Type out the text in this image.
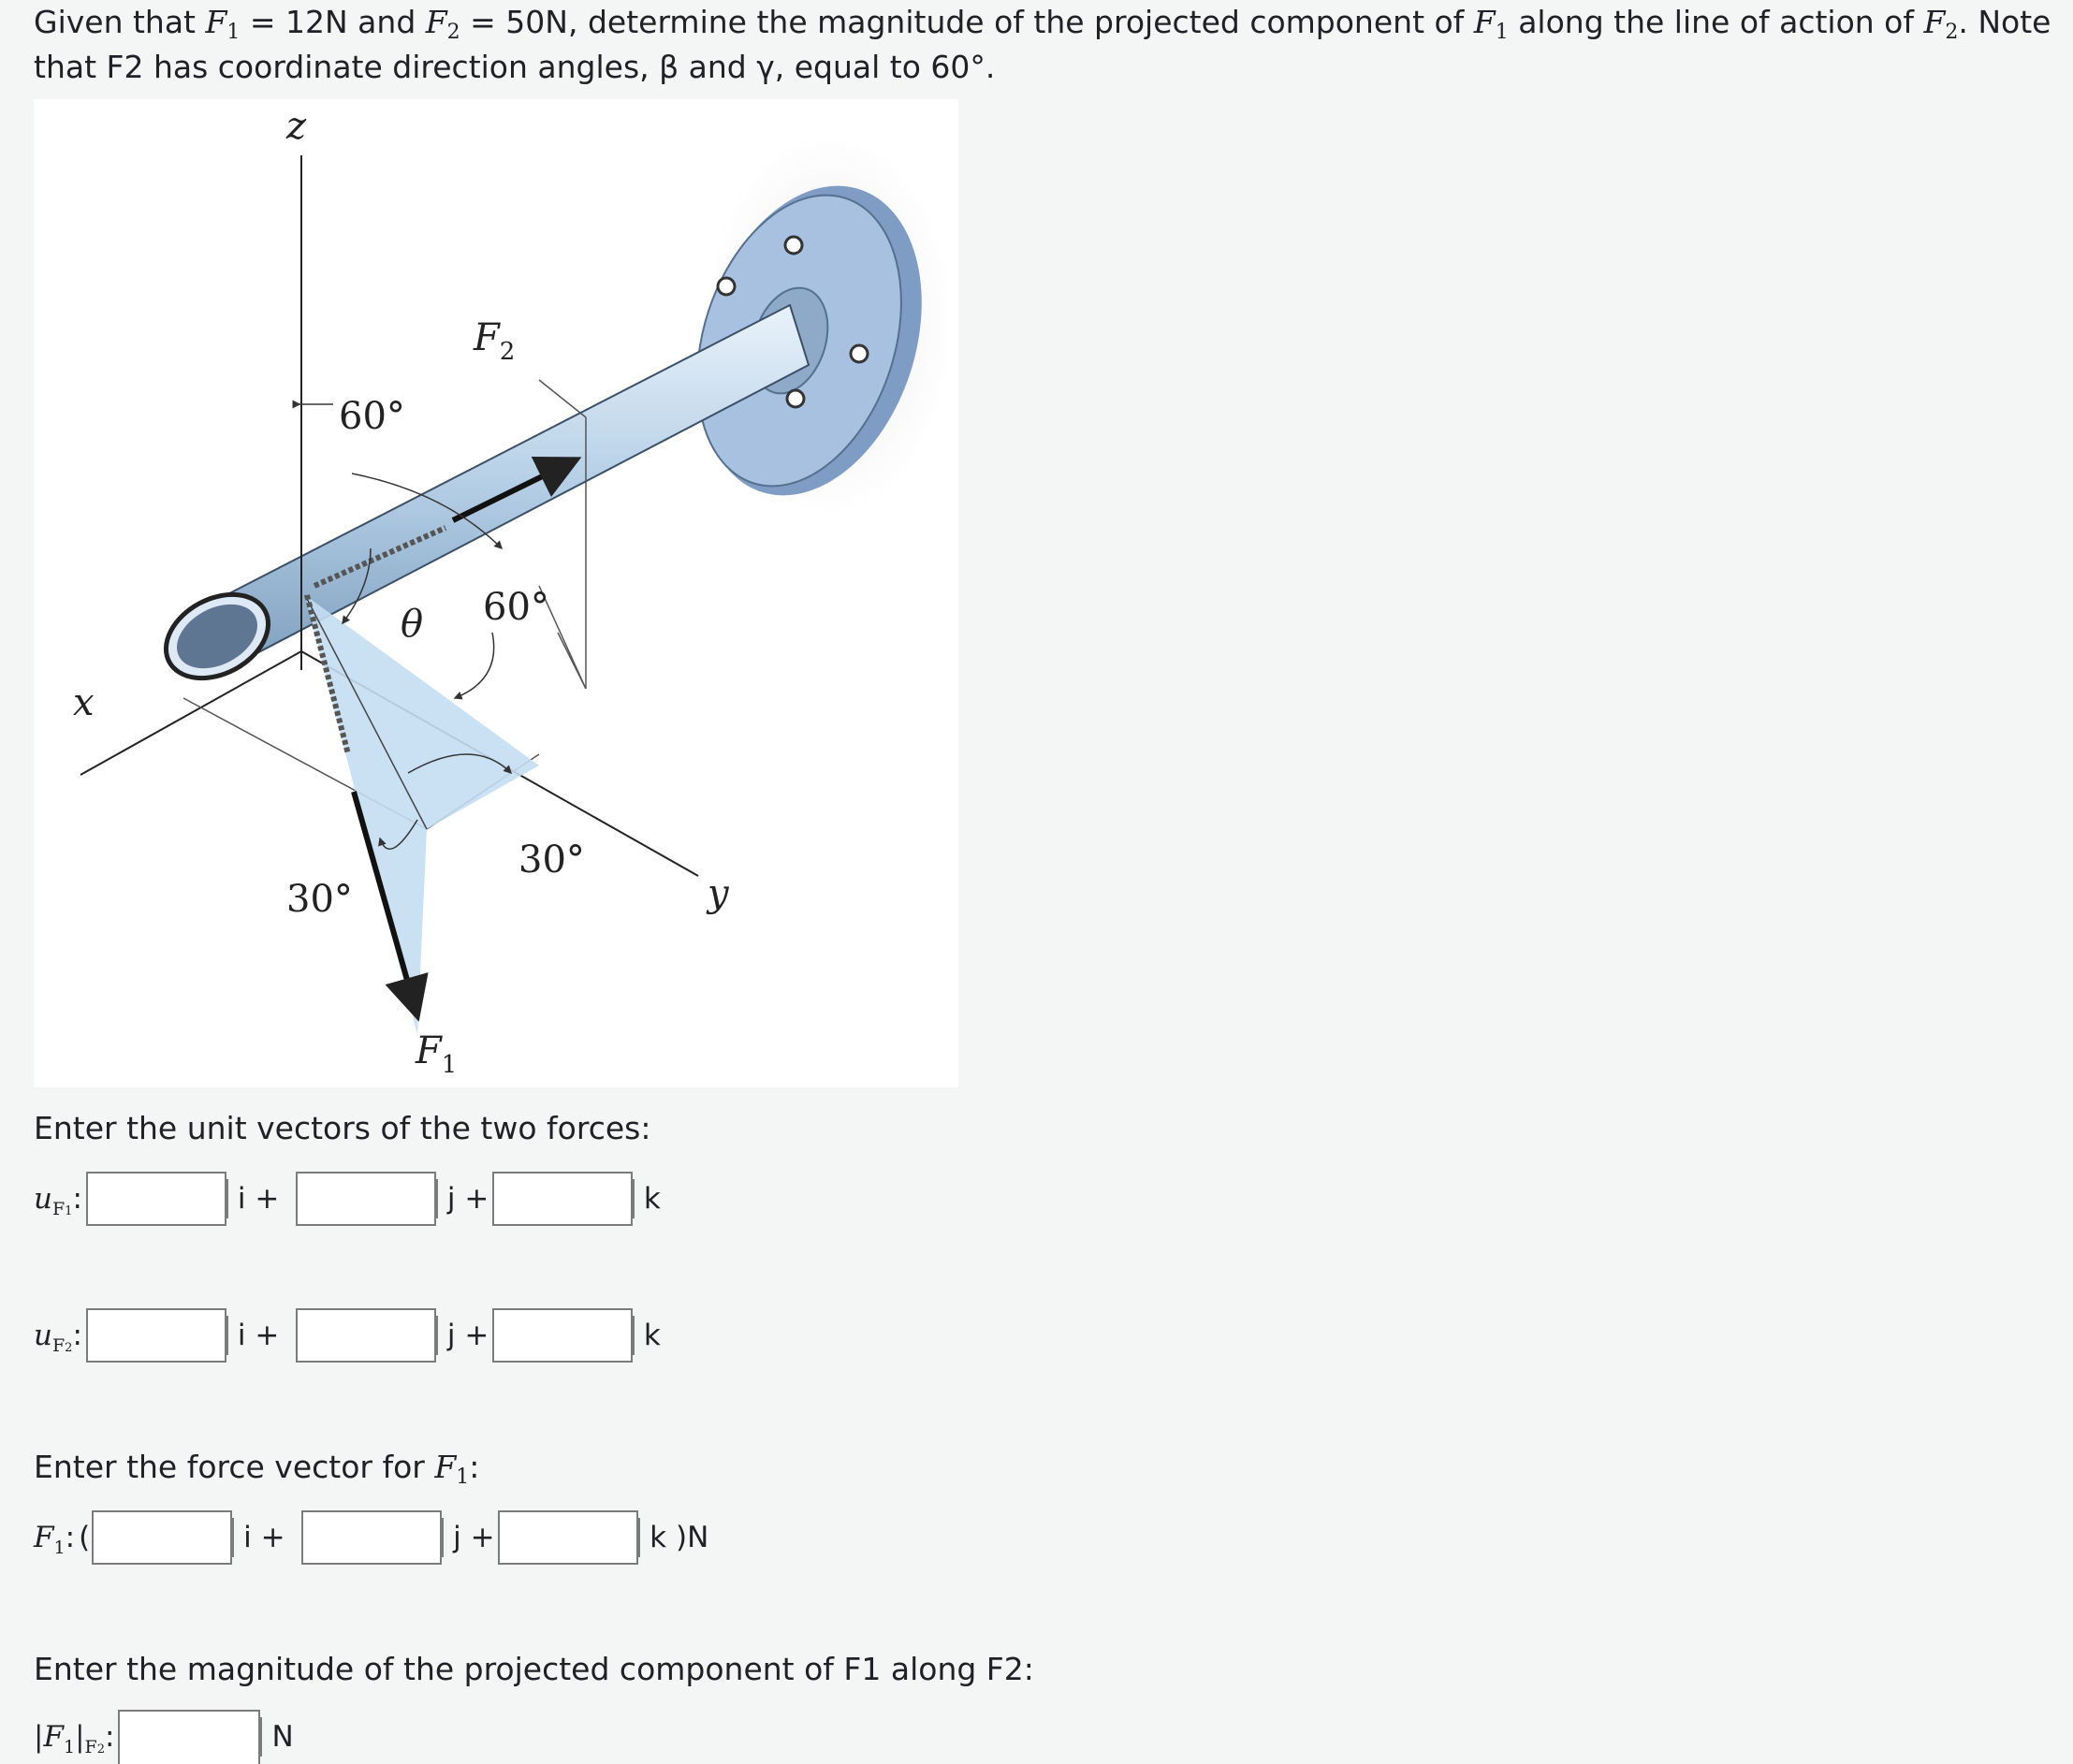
Given that $F_1 = 12N$ and $F_2 = 50N$, determine the magnitude of the projected component of $F_1$ along the line of action of $F_2$. Note that F2 has coordinate direction angles, β and γ, equal to 60°.
z
x
y
$F_2$
$F_1$
θ
60°
60°
30°
30°
Enter the unit vectors of the two forces:
$u_{F1}$:	i +	j +	k
$u_{F2}$:	i +	j +	k
Enter the force vector for $F_1$:
$F_1$: (	i +	j +	k )N
Enter the magnitude of the projected component of F1 along F2:
$|F_1|_{F2}$:	N
